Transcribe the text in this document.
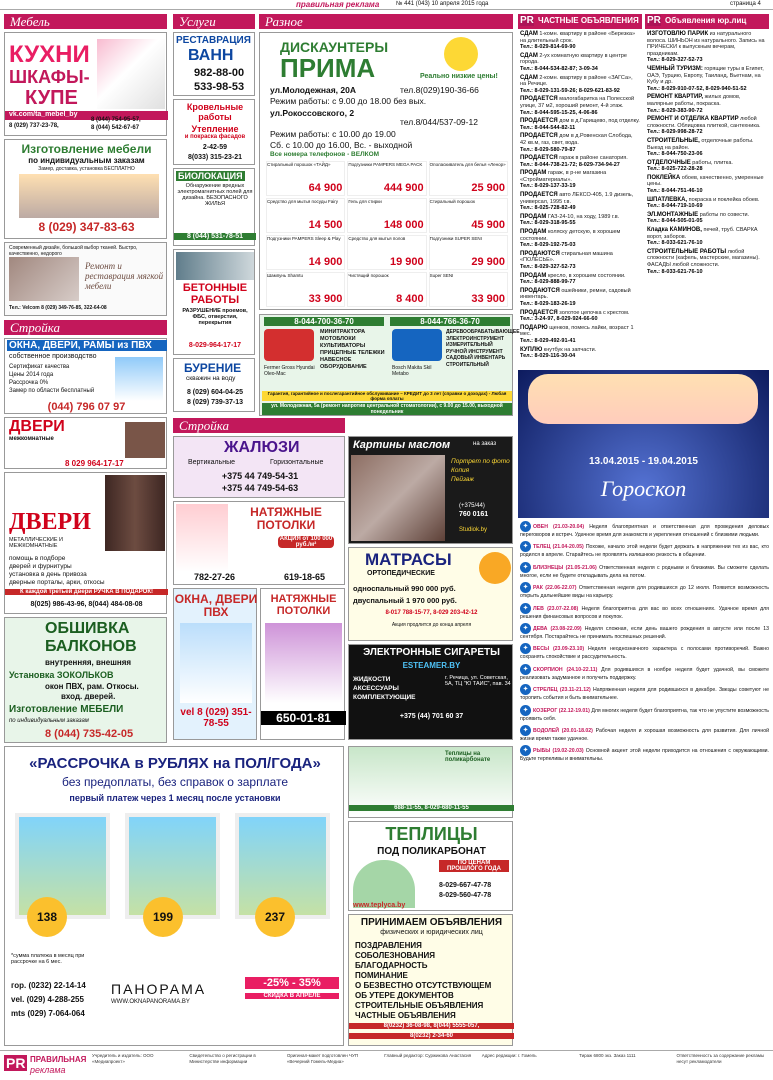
правильная реклама	№ 441 (043) 10 апреля 2015 года	страница 4
Мебель
КУХНИ
ШКАФЫ-
КУПЕ
vk.com/ta_mebel_by
8 (029) 737-23-78,
8 (044) 754-95-57,
8 (044) 542-67-67
Изготовление мебели
по индивидуальным заказам
Замер, доставка, установка БЕСПЛАТНО
8 (029) 347-83-63
Современный дизайн, большой выбор тканей. Быстро, качественно, недорого
Ремонт и реставрация мягкой мебели
Тел.: Velcom 8 (029) 349-76-85, 322-64-08
Стройка
ОКНА, ДВЕРИ, РАМЫ из ПВХ
собственное производство
Сертификат качества
Цены 2014 года
Рассрочка 0%
Замер по области бесплатный
(044) 796 07 97
ДВЕРИ
межкомнатные
8 029 964-17-17
ДВЕРИ
МЕТАЛЛИЧЕСКИЕ И МЕЖКОМНАТНЫЕ
помощь в подборе
дверей и фурнитуры
установка в день привоза
дверные порталы, арки, откосы
К каждой третьей двери РУЧКА В ПОДАРОК!
8(025) 986-43-96, 8(044) 484-08-08
ОБШИВКА
БАЛКОНОВ
внутренняя, внешняя
Установка ЗОКОЛЬКОВ
окон ПВХ, рам. Откосы.
вход. дверей.
Изготовление МЕБЕЛИ
по индивидуальным заказам
8 (044) 735-42-05
Услуги
РЕСТАВРАЦИЯ
ВАНН
982-88-00
533-98-53
Кровельные
работы
Утепление
и покраска фасадов
2-42-59
8(033) 315-23-21
БИОЛОКАЦИЯ
Обнаружение вредных электромагнитных полей для дизайна. БЕЗОПАСНОГО ЖИЛЬЯ
8 (044) 531-78-51
БЕТОННЫЕ РАБОТЫ
РАЗРУШЕНИЕ проемов, ФБС, отверстия, перекрытия
8-029-964-17-17
БУРЕНИЕ
скважин на воду
8 (029) 604-04-25
8 (029) 739-37-13
Стройка
ЖАЛЮЗИ
Вертикальные	Горизонтальные
+375 44 749-54-31
+375 44 749-54-63
НАТЯЖНЫЕ ПОТОЛКИ
АКЦИЯ от 100 000 руб./м²
782-27-26	619-18-65
ОКНА, ДВЕРИ ПВХ
vel 8 (029) 351-78-55
НАТЯЖНЫЕ ПОТОЛКИ
650-01-81
Разное
ДИСКАУНТЕРЫ
ПРИМА	Реально низкие цены!
ул.Молодежная, 20А	тел.8(029)190-36-66
Режим работы: с 9.00 до 18.00 без вых.
ул.Рокоссовского, 2
тел.8/044/537-09-12
Режим работы: с 10.00 до 19.00
Сб. с 10.00 до 16.00, Вс. - выходной
Все номера телефонов - ВЕЛКОМ
Стиральный порошок «ТАЙД»
64 900
Подгузники PAMPERS MEGA PACK
444 900
Ополаскиватель для белья «Ленор»
25 900
Средство для мытья посуды Fairy
14 500
Гель для стирки
148 000
Стиральный порошок
45 900
Подгузники PAMPERS Sleep & Play
14 900
Средство для мытья полов
19 900
Подгузники SUPER SENI
29 900
Шампунь Shamtu
33 900
Чистящий порошок
8 400
Super SENI
33 900
8-044-700-36-70	8-044-766-36-70
МИНИТРАКТОРА
МОТОБЛОКИ
КУЛЬТИВАТОРЫ
ПРИЦЕПНЫЕ ТЕЛЕЖКИ
НАВЕСНОЕ ОБОРУДОВАНИЕ
Fermer Gross Hyundai Oleo-Mac
ДЕРЕВООБРАБАТЫВАЮЩЕЕ
ЭЛЕКТРОИНСТРУМЕНТ
ИЗМЕРИТЕЛЬНЫЙ
РУЧНОЙ ИНСТРУМЕНТ
САДОВЫЙ ИНВЕНТАРЬ
СТРОИТЕЛЬНЫЙ
Bosch Makita Skil Metabo
Гарантия, гарантийное и послегарантийное обслуживание – КРЕДИТ до 3 лет (справки о доходах) - Любая форма оплаты
ул. Молодежная, 5а (ремонт напротив центральной стоматологии), с 9.00 до 15.00, выходной понедельник
Картины маслом	на заказ
Портрет по фото
Копия
Пейзаж
(+375/44)
760 0161
Studiok.by
МАТРАСЫ
ОРТОПЕДИЧЕСКИЕ
односпальный 990 000 руб.
двуспальный 1 970 000 руб.
8-017 788-15-77, 8-029 203-42-12
Акция продлится до конца апреля
ЭЛЕКТРОННЫЕ СИГАРЕТЫ
ESTEAMER.BY
ЖИДКОСТИ
АКСЕССУАРЫ
КОМПЛЕКТУЮЩИЕ
г. Речица, ул. Советская, 5А, ТЦ "Ю ТАИС", пав. 34
+375 (44) 701 60 37
«РАССРОЧКА в РУБЛЯХ на ПОЛ/ГОДА»
без предоплаты, без справок о зарплате
первый платеж через 1 месяц после установки
138	199	237
*сумма платежа в месяц при рассрочке на 6 мес.
гор. (0232) 22-14-14
vel. (029) 4-288-255
mts (029) 7-064-064
ПАНОРАМА
WWW.OKNAPANORAMA.BY
-25% - 35%
СКИДКА В АПРЕЛЕ
Теплицы на поликарбонате
688-11-55, 8-029-680-11-55
ТЕПЛИЦЫ
ПОД ПОЛИКАРБОНАТ
ПО ЦЕНАМ ПРОШЛОГО ГОДА
8-029-667-47-78
8-029-560-47-78
www.teplyca.by
ПРИНИМАЕМ ОБЪЯВЛЕНИЯ
физических и юридических лиц
ПОЗДРАВЛЕНИЯ
СОБОЛЕЗНОВАНИЯ
БЛАГОДАРНОСТЬ
ПОМИНАНИЕ
О БЕЗВЕСТНО ОТСУТСТВУЮЩЕМ
ОБ УТЕРЕ ДОКУМЕНТОВ
СТРОИТЕЛЬНЫЕ ОБЪЯВЛЕНИЯ
ЧАСТНЫЕ ОБЪЯВЛЕНИЯ
8(0232) 36-08-98, 8(044) 5555-057,
8(0232) 2-34-60
PR ЧАСТНЫЕ ОБЪЯВЛЕНИЯ
СДАМ 1-комн. квартиру в районе «Березка» на длительный срок.
Тел.: 8-029-814-69-90
СДАМ 2-ух комнатную квартиру в центре города.
Тел.: 8-044-534-82-87; 3-09-34
СДАМ 2-комн. квартиру в районе «ЗАГСа», на Речице.
Тел.: 8-029-131-59-26; 8-029-621-83-92
ПРОДАЕТСЯ малогабаритка на Полесской улице, 37 м2, хороший ремонт, 4-й этаж.
Тел.: 8-044-595-15-25, 4-06-86
ПРОДАЕТСЯ дом в д.Гарищево, под отделку.
Тел.: 8-044-544-82-11
ПРОДАЕТСЯ дом в д.Ровенская Слобода, 42 кв.м, газ, свет, вода.
Тел.: 8-029-580-79-87
ПРОДАЕТСЯ гараж в районе санатория.
Тел.: 8-044-738-21-72; 8-029-734-94-27
ПРОДАМ гараж, в р-не магазина «Стройматериалы».
Тел.: 8-029-137-33-19
ПРОДАЕТСЯ авто ЛЕКСО-405, 1.9 дизель, универсал, 1995 г.в.
Тел.: 8-025-728-82-49
ПРОДАМ ГАЗ-24-10, на ходу, 1989 г.в.
Тел.: 8-029-318-95-55
ПРОДАМ коляску детскую, в хорошем состоянии.
Тел.: 8-029-192-75-03
ПРОДАЮТСЯ стиральная машина «ПОЛЕСЬЕ».
Тел.: 8-029-327-52-73
ПРОДАМ кресло, в хорошем состоянии.
Тел.: 8-029-888-99-77
ПРОДАЮТСЯ ошейники, ремни, садовый инвентарь.
Тел.: 8-029-183-26-19
ПРОДАЕТСЯ золотое цепочка с крестом.
Тел.: 3-24-97, 8-029-924-66-60
ПОДАРЮ щенков, помесь лайки, возраст 1 мес.
Тел.: 8-029-492-91-41
КУПЛЮ кнутбук на запчасти.
Тел.: 8-029-116-30-04
PR Объявления юр.лиц
ИЗГОТОВЛЮ ПАРИК из натурального волоса. ШИНЬОН из натурального. Запись на ПРИЧЕСКИ к выпускным вечерам, праздникам.
Тел.: 8-029-327-52-73
ЧЕМНЫЙ ТУРИЗМ: горящие туры в Египет, ОАЭ, Турцию, Европу, Таиланд, Вьетнам, на Кубу и др.
Тел.: 8-029-910-07-52, 8-029-940-51-52
РЕМОНТ КВАРТИР, жилых домов, малярные работы, покраска.
Тел.: 8-029-383-90-72
РЕМОНТ И ОТДЕЛКА КВАРТИР любой сложности. Облицовка плиткой, сантехника.
Тел.: 8-029-998-28-72
СТРОИТЕЛЬНЫЕ, отделочные работы. Выезд на район.
Тел.: 8-044-750-23-06
ОТДЕЛОЧНЫЕ работы, плитка.
Тел.: 8-025-722-28-28
ПОКЛЕЙКА обоев, качественно, умеренные цены.
Тел.: 8-044-751-46-10
ШПАТЛЕВКА, покраска и поклейка обоев.
Тел.: 8-044-719-10-69
ЭЛ.МОНТАЖНЫЕ работы по совести.
Тел.: 8-044-505-01-05
Кладка КАМИНОВ, печей, труб. СВАРКА ворот, заборов.
Тел.: 8-033-621-76-10
СТРОИТЕЛЬНЫЕ РАБОТЫ любой сложности (кафель, мастерские, магазины). ФАСАДЫ любой сложности.
Тел.: 8-033-621-76-10
13.04.2015 - 19.04.2015
Гороскоп
✦ ОВЕН (21.03-20.04) Неделя благоприятная и ответственная для проведения деловых переговоров и встреч. Удачное время для знакомств и укрепления отношений с близкими людьми.
✦ ТЕЛЕЦ (21.04-20.05) Похоже, начало этой недели будет держать в напряжении тех из вас, кто родился в апреле. Старайтесь не проявлять излишнюю резкость в общении.
✦ БЛИЗНЕЦЫ (21.05-21.06) Ответственная неделя с родными и близкими. Вы сможете сделать многое, если не будете откладывать дела на потом.
✦ РАК (22.06-22.07) Ответственная неделя для родившихся до 12 июля. Появится возможность открыть дальнейшие виды на карьеру.
✦ ЛЕВ (23.07-22.08) Неделя благоприятна для вас во всех отношениях. Удачное время для решения финансовых вопросов и покупок.
✦ ДЕВА (23.08-22.09) Неделя сложная, если день вашего рождения в августе или после 13 сентября. Постарайтесь не принимать поспешных решений.
✦ ВЕСЫ (23.09-23.10) Неделя неоднозначного характера с полосами противоречий. Важно сохранять спокойствие и рассудительность.
✦ СКОРПИОН (24.10-22.11) Для родившихся в ноябре неделя будет удачной, вы сможете реализовать задуманное и получить поддержку.
✦ СТРЕЛЕЦ (23.11-21.12) Напряженная неделя для родившихся в декабре. Звезды советуют не торопить события и быть внимательнее.
✦ КОЗЕРОГ (22.12-19.01) Для многих неделя будет благоприятна, так что не упустите возможность проявить себя.
✦ ВОДОЛЕЙ (20.01-18.02) Рабочая неделя и хорошая возможность для развития. Для личной жизни время также удачное.
✦ РЫБЫ (19.02-20.03) Основной акцент этой недели приходится на отношения с окружающими. Будьте терпеливы и внимательны.
PR ПРАВИЛЬНАЯ
реклама
Учредитель и издатель: ООО «Медиапроект»
Свидетельство о регистрации в Министерстве информации
Оригинал-макет подготовлен ЧУП «Вечерний Гомель-Медиа»
Главный редактор: Суржикова Анастасия	Адрес редакции: г. Гомель	Тираж 6800 экз. Заказ 1111	Ответственность за содержание рекламы несут рекламодатели
